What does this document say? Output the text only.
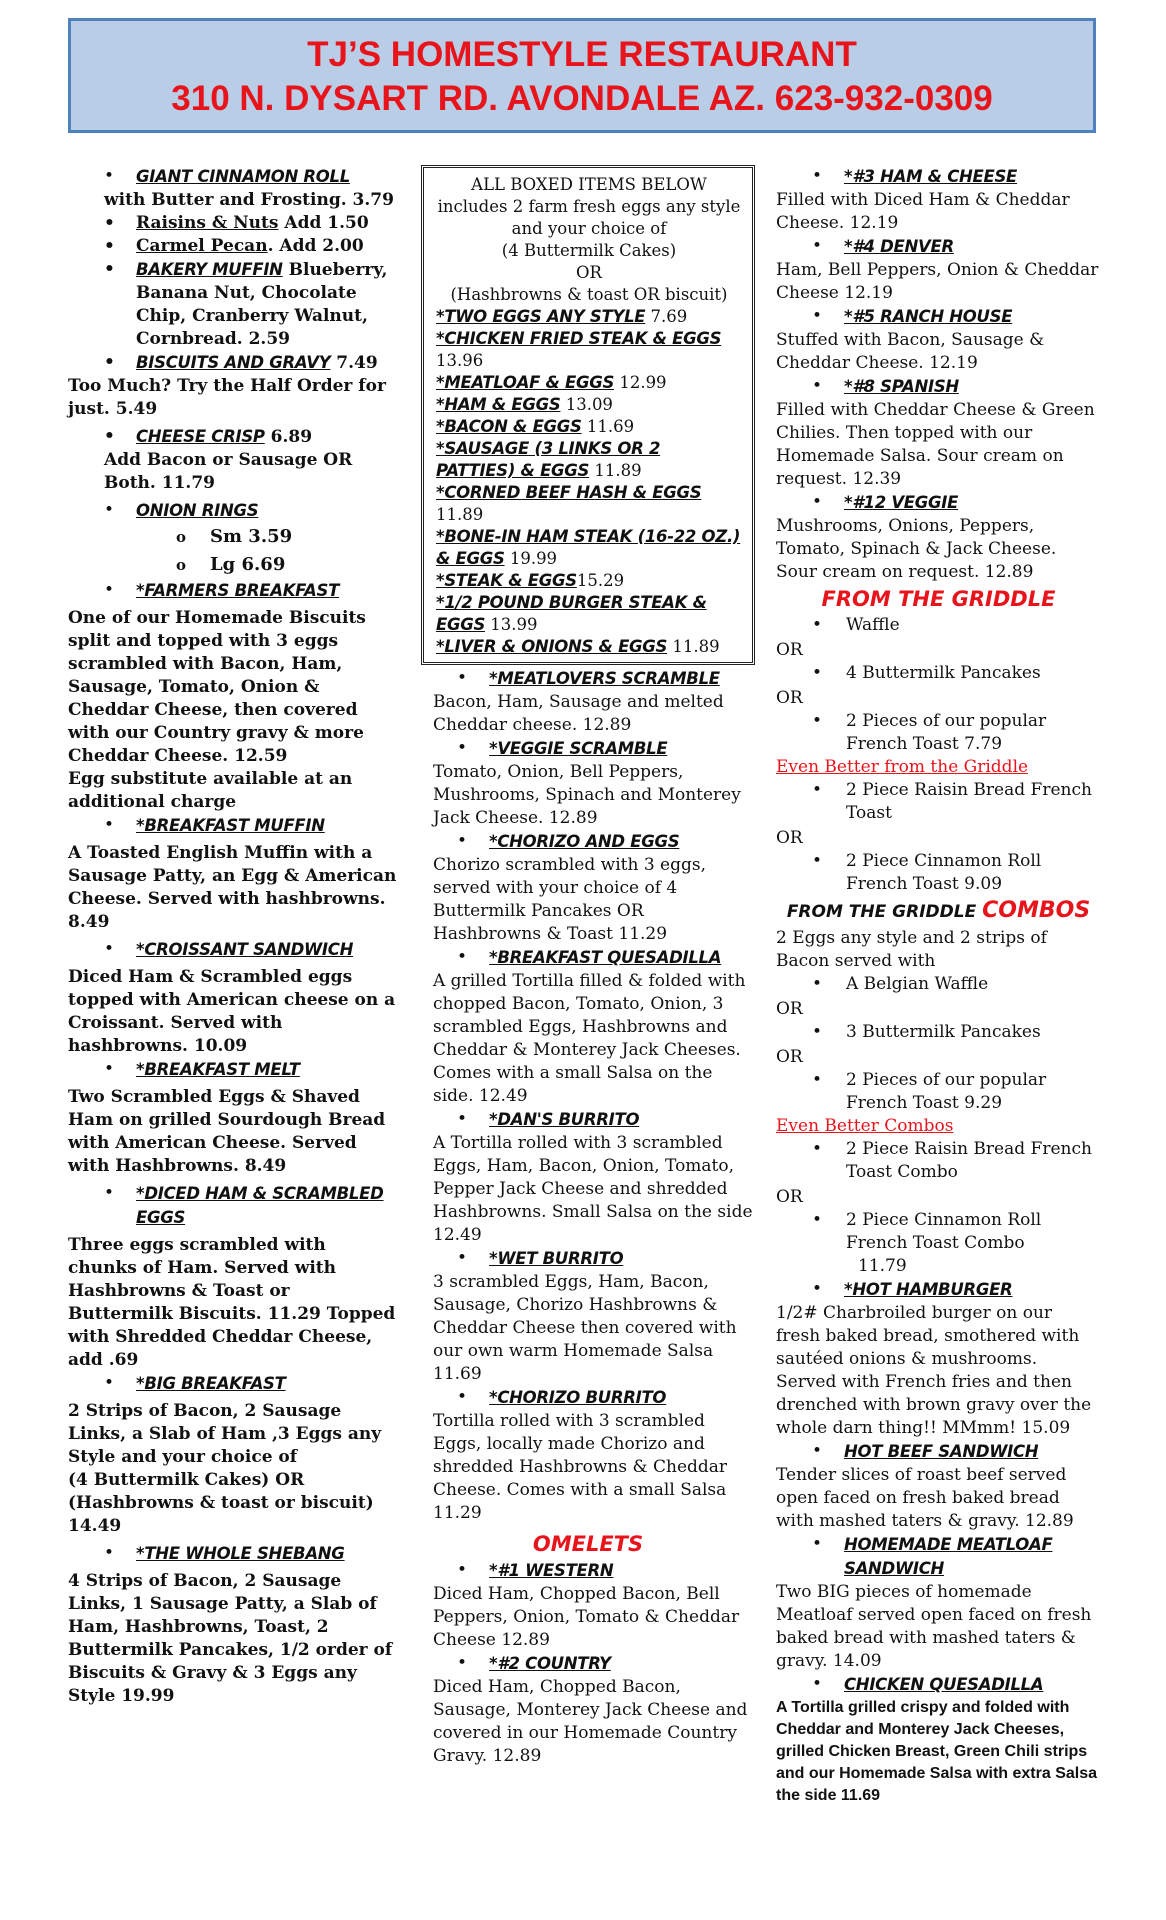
TJ’S HOMESTYLE RESTAURANT
310 N. DYSART RD. AVONDALE AZ. 623-932-0309
• GIANT CINNAMON ROLL
with Butter and Frosting. 3.79
• Raisins & Nuts Add 1.50
• Carmel Pecan. Add 2.00
• BAKERY MUFFIN Blueberry, Banana Nut, Chocolate Chip, Cranberry Walnut, Cornbread. 2.59
• BISCUITS AND GRAVY 7.49
Too Much? Try the Half Order for just. 5.49
• CHEESE CRISP 6.89
Add Bacon or Sausage OR Both. 11.79
• ONION RINGS
o Sm 3.59
o Lg 6.69
• *FARMERS BREAKFAST
One of our Homemade Biscuits split and topped with 3 eggs scrambled with Bacon, Ham, Sausage, Tomato, Onion & Cheddar Cheese, then covered with our Country gravy & more Cheddar Cheese. 12.59
Egg substitute available at an additional charge
• *BREAKFAST MUFFIN
A Toasted English Muffin with a Sausage Patty, an Egg & American Cheese. Served with hashbrowns. 8.49
• *CROISSANT SANDWICH
Diced Ham & Scrambled eggs topped with American cheese on a Croissant. Served with hashbrowns. 10.09
• *BREAKFAST MELT
Two Scrambled Eggs & Shaved Ham on grilled Sourdough Bread with American Cheese. Served with Hashbrowns. 8.49
• *DICED HAM & SCRAMBLED EGGS
Three eggs scrambled with chunks of Ham. Served with Hashbrowns & Toast or Buttermilk Biscuits. 11.29 Topped with Shredded Cheddar Cheese, add .69
• *BIG BREAKFAST
2 Strips of Bacon, 2 Sausage Links, a Slab of Ham ,3 Eggs any Style and your choice of
(4 Buttermilk Cakes) OR
(Hashbrowns & toast or biscuit) 14.49
• *THE WHOLE SHEBANG
4 Strips of Bacon, 2 Sausage Links, 1 Sausage Patty, a Slab of Ham, Hashbrowns, Toast, 2 Buttermilk Pancakes, 1/2 order of Biscuits & Gravy & 3 Eggs any Style 19.99
ALL BOXED ITEMS BELOW
includes 2 farm fresh eggs any style and your choice of
(4 Buttermilk Cakes)
OR
(Hashbrowns & toast OR biscuit)
*TWO EGGS ANY STYLE 7.69
*CHICKEN FRIED STEAK & EGGS 13.96
*MEATLOAF & EGGS 12.99
*HAM & EGGS 13.09
*BACON & EGGS 11.69
*SAUSAGE (3 LINKS OR 2 PATTIES) & EGGS 11.89
*CORNED BEEF HASH & EGGS 11.89
*BONE-IN HAM STEAK (16-22 OZ.) & EGGS 19.99
*STEAK & EGGS15.29
*1/2 POUND BURGER STEAK & EGGS 13.99
*LIVER & ONIONS & EGGS 11.89
• *MEATLOVERS SCRAMBLE
Bacon, Ham, Sausage and melted Cheddar cheese. 12.89
• *VEGGIE SCRAMBLE
Tomato, Onion, Bell Peppers, Mushrooms, Spinach and Monterey Jack Cheese. 12.89
• *CHORIZO AND EGGS
Chorizo scrambled with 3 eggs, served with your choice of 4 Buttermilk Pancakes OR Hashbrowns & Toast 11.29
• *BREAKFAST QUESADILLA
A grilled Tortilla filled & folded with chopped Bacon, Tomato, Onion, 3 scrambled Eggs, Hashbrowns and Cheddar & Monterey Jack Cheeses. Comes with a small Salsa on the side. 12.49
• *DAN'S BURRITO
A Tortilla rolled with 3 scrambled Eggs, Ham, Bacon, Onion, Tomato, Pepper Jack Cheese and shredded Hashbrowns. Small Salsa on the side 12.49
• *WET BURRITO
3 scrambled Eggs, Ham, Bacon, Sausage, Chorizo Hashbrowns & Cheddar Cheese then covered with our own warm Homemade Salsa 11.69
• *CHORIZO BURRITO
Tortilla rolled with 3 scrambled Eggs, locally made Chorizo and shredded Hashbrowns & Cheddar Cheese. Comes with a small Salsa 11.29
OMELETS
• *#1 WESTERN
Diced Ham, Chopped Bacon, Bell Peppers, Onion, Tomato & Cheddar Cheese 12.89
• *#2 COUNTRY
Diced Ham, Chopped Bacon, Sausage, Monterey Jack Cheese and covered in our Homemade Country Gravy. 12.89
• *#3 HAM & CHEESE
Filled with Diced Ham & Cheddar Cheese. 12.19
• *#4 DENVER
Ham, Bell Peppers, Onion & Cheddar Cheese 12.19
• *#5 RANCH HOUSE
Stuffed with Bacon, Sausage & Cheddar Cheese. 12.19
• *#8 SPANISH
Filled with Cheddar Cheese & Green Chilies. Then topped with our Homemade Salsa. Sour cream on request. 12.39
• *#12 VEGGIE
Mushrooms, Onions, Peppers, Tomato, Spinach & Jack Cheese. Sour cream on request. 12.89
FROM THE GRIDDLE
• Waffle
OR
• 4 Buttermilk Pancakes
OR
• 2 Pieces of our popular French Toast 7.79
Even Better from the Griddle
• 2 Piece Raisin Bread French Toast
OR
• 2 Piece Cinnamon Roll French Toast 9.09
FROM THE GRIDDLE COMBOS
2 Eggs any style and 2 strips of Bacon served with
• A Belgian Waffle
OR
• 3 Buttermilk Pancakes
OR
• 2 Pieces of our popular French Toast 9.29
Even Better Combos
• 2 Piece Raisin Bread French Toast Combo
OR
• 2 Piece Cinnamon Roll French Toast Combo
11.79
• *HOT HAMBURGER
1/2# Charbroiled burger on our fresh baked bread, smothered with sautéed onions & mushrooms. Served with French fries and then drenched with brown gravy over the whole darn thing!! MMmm! 15.09
• HOT BEEF SANDWICH
Tender slices of roast beef served open faced on fresh baked bread with mashed taters & gravy. 12.89
• HOMEMADE MEATLOAF SANDWICH
Two BIG pieces of homemade Meatloaf served open faced on fresh baked bread with mashed taters & gravy. 14.09
• CHICKEN QUESADILLA
A Tortilla grilled crispy and folded with Cheddar and Monterey Jack Cheeses, grilled Chicken Breast, Green Chili strips and our Homemade Salsa with extra Salsa the side 11.69
